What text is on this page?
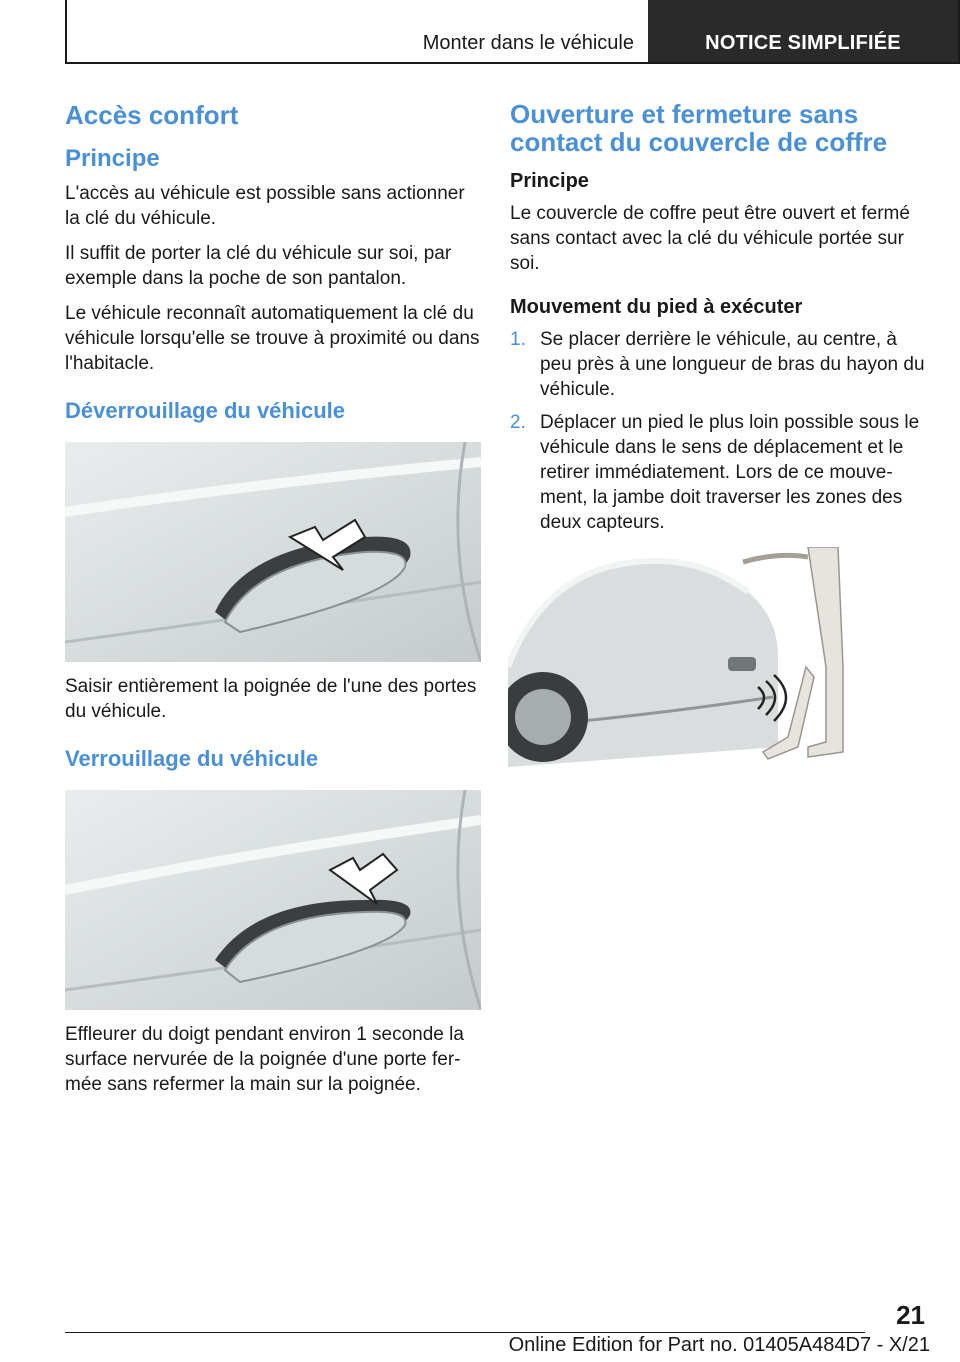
Monter dans le véhicule	NOTICE SIMPLIFIÉE
Accès confort
Principe

L'accès au véhicule est possible sans actionner la clé du véhicule.

Il suffit de porter la clé du véhicule sur soi, par exemple dans la poche de son pantalon.

Le véhicule reconnaît automatiquement la clé du véhicule lorsqu'elle se trouve à proximité ou dans l'habitacle.

Déverrouillage du véhicule

Saisir entièrement la poignée de l'une des portes du véhicule.

Verrouillage du véhicule

Effleurer du doigt pendant environ 1 seconde la surface nervurée de la poignée d'une porte fer-mée sans refermer la main sur la poignée.

Ouverture et fermeture sans contact du couvercle de coffre
Principe

Le couvercle de coffre peut être ouvert et fermé sans contact avec la clé du véhicule portée sur soi.

Mouvement du pied à exécuter
1. Se placer derrière le véhicule, au centre, à peu près à une longueur de bras du hayon du véhicule.
2. Déplacer un pied le plus loin possible sous le véhicule dans le sens de déplacement et le retirer immédiatement. Lors de ce mouve-ment, la jambe doit traverser les zones des deux capteurs.
21
Online Edition for Part no. 01405A484D7 - X/21
